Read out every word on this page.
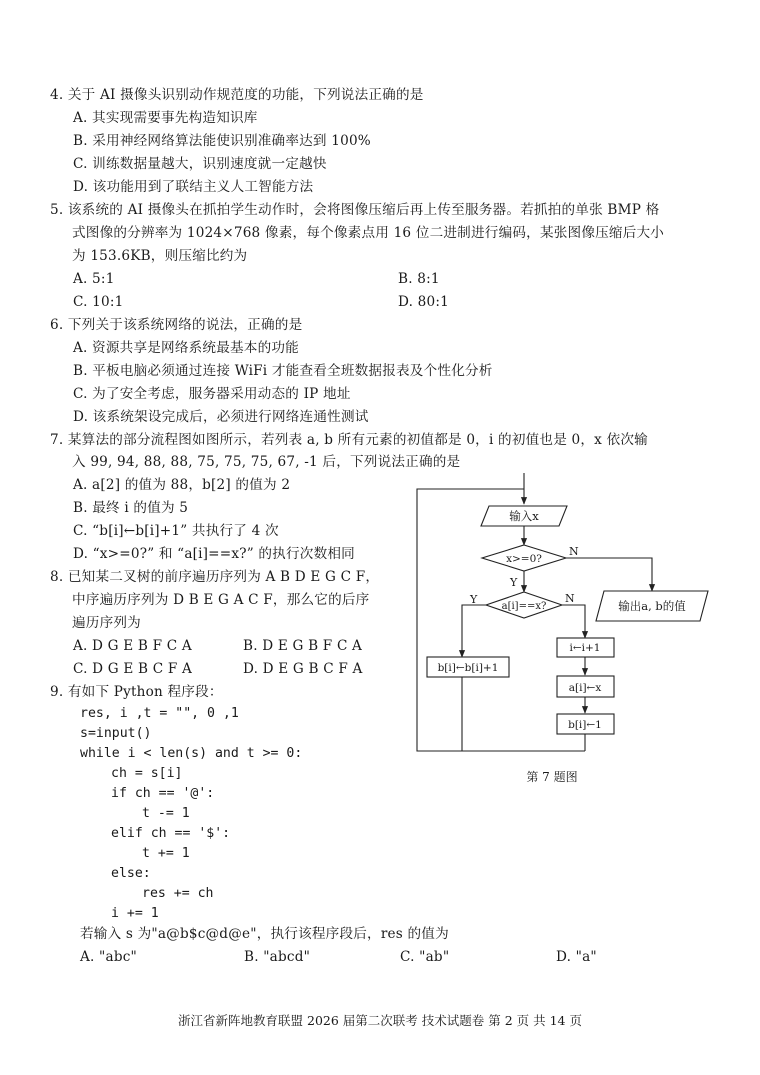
4. 关于 AI 摄像头识别动作规范度的功能，下列说法正确的是
A. 其实现需要事先构造知识库
B. 采用神经网络算法能使识别准确率达到 100%
C. 训练数据量越大，识别速度就一定越快
D. 该功能用到了联结主义人工智能方法
5. 该系统的 AI 摄像头在抓拍学生动作时，会将图像压缩后再上传至服务器。若抓拍的单张 BMP 格
式图像的分辨率为 1024×768 像素，每个像素点用 16 位二进制进行编码，某张图像压缩后大小
为 153.6KB，则压缩比约为
A. 5:1	B. 8:1
C. 10:1	D. 80:1
6. 下列关于该系统网络的说法，正确的是
A. 资源共享是网络系统最基本的功能
B. 平板电脑必须通过连接 WiFi 才能查看全班数据报表及个性化分析
C. 为了安全考虑，服务器采用动态的 IP 地址
D. 该系统架设完成后，必须进行网络连通性测试
7. 某算法的部分流程图如图所示，若列表 a, b 所有元素的初值都是 0，i 的初值也是 0，x 依次输
入 99, 94, 88, 88, 75, 75, 75, 67, -1 后，下列说法正确的是
A. a[2] 的值为 88，b[2] 的值为 2
B. 最终 i 的值为 5
C. “b[i]←b[i]+1” 共执行了 4 次
D. “x>=0?” 和 “a[i]==x?” 的执行次数相同
8. 已知某二叉树的前序遍历序列为 A B D E G C F，
中序遍历序列为 D B E G A C F，那么它的后序
遍历序列为
A. D G E B F C A	B. D E G B F C A
C. D G E B C F A	D. D E G B C F A
9. 有如下 Python 程序段：
res, i ,t = "", 0 ,1
s=input()
while i < len(s) and t >= 0:
ch = s[i]
if ch == '@':
t -= 1
elif ch == '$':
t += 1
else:
res += ch
i += 1
若输入 s 为"a@b$c@d@e"，执行该程序段后，res 的值为
A. "abc"	B. "abcd"	C. "ab"	D. "a"
输入x
x>=0?
a[i]==x?	输出a, b的值
b[i]←b[i]+1
i←i+1
a[i]←x
b[i]←1
N
Y
Y	N
第 7 题图
浙江省新阵地教育联盟 2026 届第二次联考 技术试题卷 第 2 页 共 14 页
